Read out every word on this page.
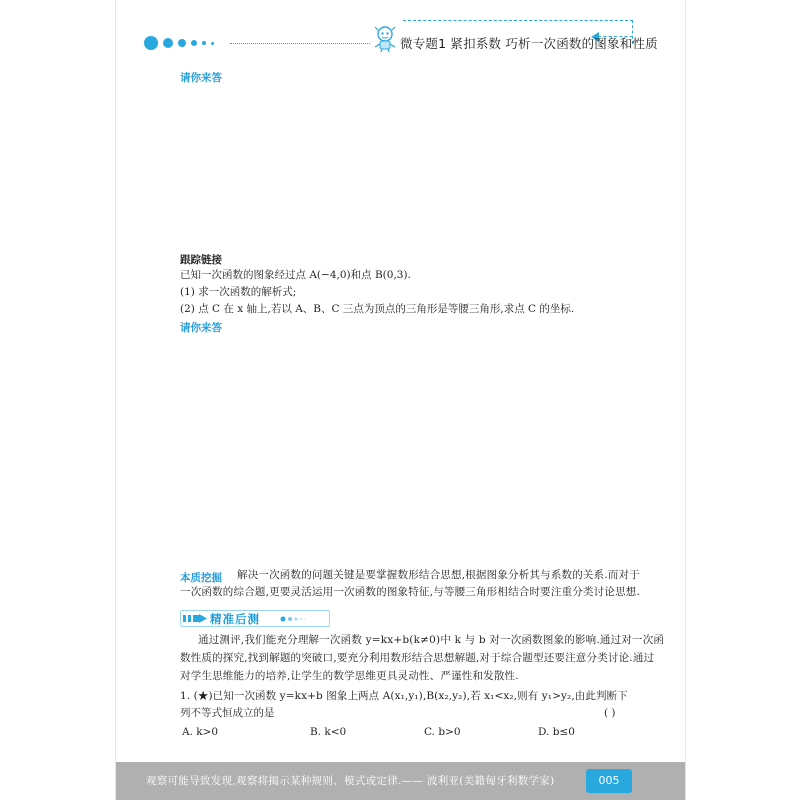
微专题1 紧扣系数 巧析一次函数的图象和性质
请你来答
跟踪链接
已知一次函数的图象经过点 A(−4,0)和点 B(0,3).
(1) 求一次函数的解析式;
(2) 点 C 在 x 轴上,若以 A、B、C 三点为顶点的三角形是等腰三角形,求点 C 的坐标.
请你来答
本质挖掘 解决一次函数的问题关键是要掌握数形结合思想,根据图象分析其与系数的关系.而对于
一次函数的综合题,更要灵活运用一次函数的图象特征,与等腰三角形相结合时要注重分类讨论思想.
精准后测
通过测评,我们能充分理解一次函数 y=kx+b(k≠0)中 k 与 b 对一次函数图象的影响.通过对一次函
数性质的探究,找到解题的突破口,要充分利用数形结合思想解题,对于综合题型还要注意分类讨论.通过
对学生思维能力的培养,让学生的数学思维更具灵动性、严谨性和发散性.
1. (★)已知一次函数 y=kx+b 图象上两点 A(x₁,y₁),B(x₂,y₂),若 x₁<x₂,则有 y₁>y₂,由此判断下
列不等式恒成立的是	( )
A. k>0	B. k<0	C. b>0	D. b≤0
观察可能导致发现,观察将揭示某种规则、模式或定律.—— 波利亚(美籍匈牙利数学家)	005
